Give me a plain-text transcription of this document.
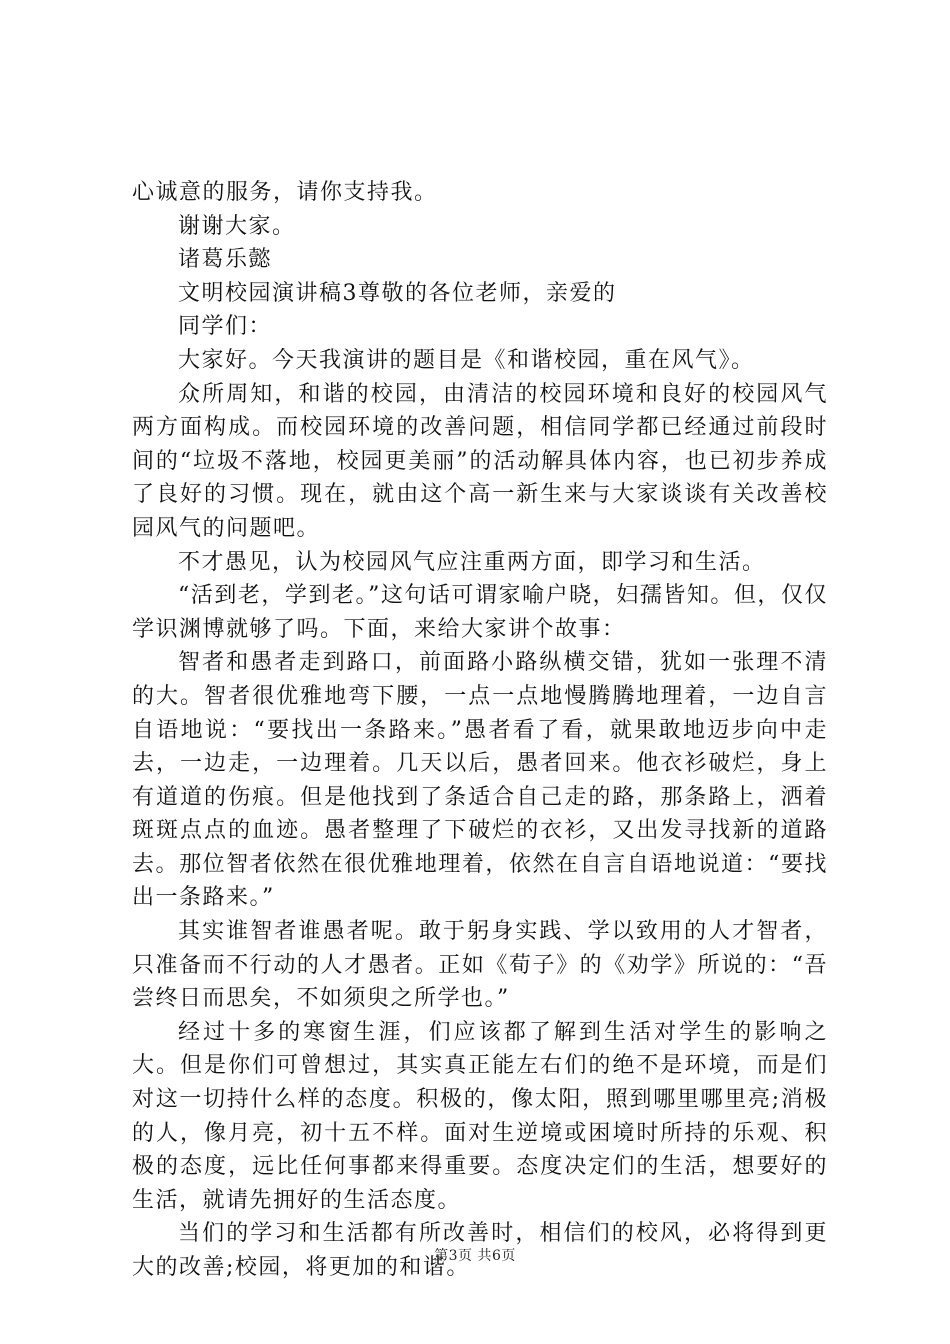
心诚意的服务，请你支持我。

谢谢大家。

诸葛乐懿

文明校园演讲稿3尊敬的各位老师，亲爱的

同学们：

大家好。今天我演讲的题目是《和谐校园，重在风气》。

众所周知，和谐的校园，由清洁的校园环境和良好的校园风气两方面构成。而校园环境的改善问题，相信同学都已经通过前段时间的“垃圾不落地，校园更美丽”的活动解具体内容，也已初步养成了良好的习惯。现在，就由这个高一新生来与大家谈谈有关改善校园风气的问题吧。

不才愚见，认为校园风气应注重两方面，即学习和生活。

“活到老，学到老。”这句话可谓家喻户晓，妇孺皆知。但，仅仅学识渊博就够了吗。下面，来给大家讲个故事：

智者和愚者走到路口，前面路小路纵横交错，犹如一张理不清的大。智者很优雅地弯下腰，一点一点地慢腾腾地理着，一边自言自语地说：“要找出一条路来。”愚者看了看，就果敢地迈步向中走去，一边走，一边理着。几天以后，愚者回来。他衣衫破烂，身上有道道的伤痕。但是他找到了条适合自己走的路，那条路上，洒着斑斑点点的血迹。愚者整理了下破烂的衣衫，又出发寻找新的道路去。那位智者依然在很优雅地理着，依然在自言自语地说道：“要找出一条路来。”

其实谁智者谁愚者呢。敢于躬身实践、学以致用的人才智者，只准备而不行动的人才愚者。正如《荀子》的《劝学》所说的：“吾尝终日而思矣，不如须臾之所学也。”

经过十多的寒窗生涯，们应该都了解到生活对学生的影响之大。但是你们可曾想过，其实真正能左右们的绝不是环境，而是们对这一切持什么样的态度。积极的，像太阳，照到哪里哪里亮;消极的人，像月亮，初十五不样。面对生逆境或困境时所持的乐观、积极的态度，远比任何事都来得重要。态度决定们的生活，想要好的生活，就请先拥好的生活态度。

当们的学习和生活都有所改善时，相信们的校风，必将得到更大的改善;校园，将更加的和谐。

第3页 共6页
